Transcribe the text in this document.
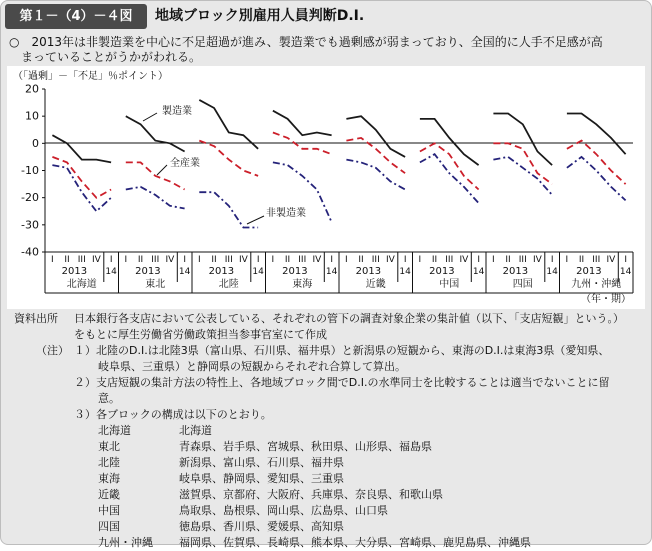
第１－（4）－４図	地域ブロック別雇用人員判断D.I.
○　2013年は非製造業を中心に不足超過が進み、製造業でも過剰感が弱まっており、全国的に人手不足感が高
まっていることがうかがわれる。
（「過剰」－「不足」％ポイント）
20
10
0
-10
-20
-30
-40
I II III IV I
2013 14
北海道
I II III IV I
2013 14
東北
I II III IV I
2013 14
北陸
I II III IV I
2013 14
東海
I II III IV I
2013 14
近畿
I II III IV I
2013 14
中国
I II III IV I
2013 14
四国
I II III IV I
2013 14
九州・沖縄
（年・期）
製造業
全産業
非製造業
資料出所 日本銀行各支店において公表している、それぞれの管下の調査対象企業の集計値（以下、「支店短観」という。）
をもとに厚生労働省労働政策担当参事官室にて作成
（注） １）北陸のD.I.は北陸3県（富山県、石川県、福井県）と新潟県の短観から、東海のD.I.は東海3県（愛知県、
岐阜県、三重県）と静岡県の短観からそれぞれ合算して算出。
２）支店短観の集計方法の特性上、各地域ブロック間でD.I.の水準同士を比較することは適当でないことに留
意。
３）各ブロックの構成は以下のとおり。
北海道	北海道
東北	青森県、岩手県、宮城県、秋田県、山形県、福島県
北陸	新潟県、富山県、石川県、福井県
東海	岐阜県、静岡県、愛知県、三重県
近畿	滋賀県、京都府、大阪府、兵庫県、奈良県、和歌山県
中国	鳥取県、島根県、岡山県、広島県、山口県
四国	徳島県、香川県、愛媛県、高知県
九州・沖縄 福岡県、佐賀県、長崎県、熊本県、大分県、宮崎県、鹿児島県、沖縄県
